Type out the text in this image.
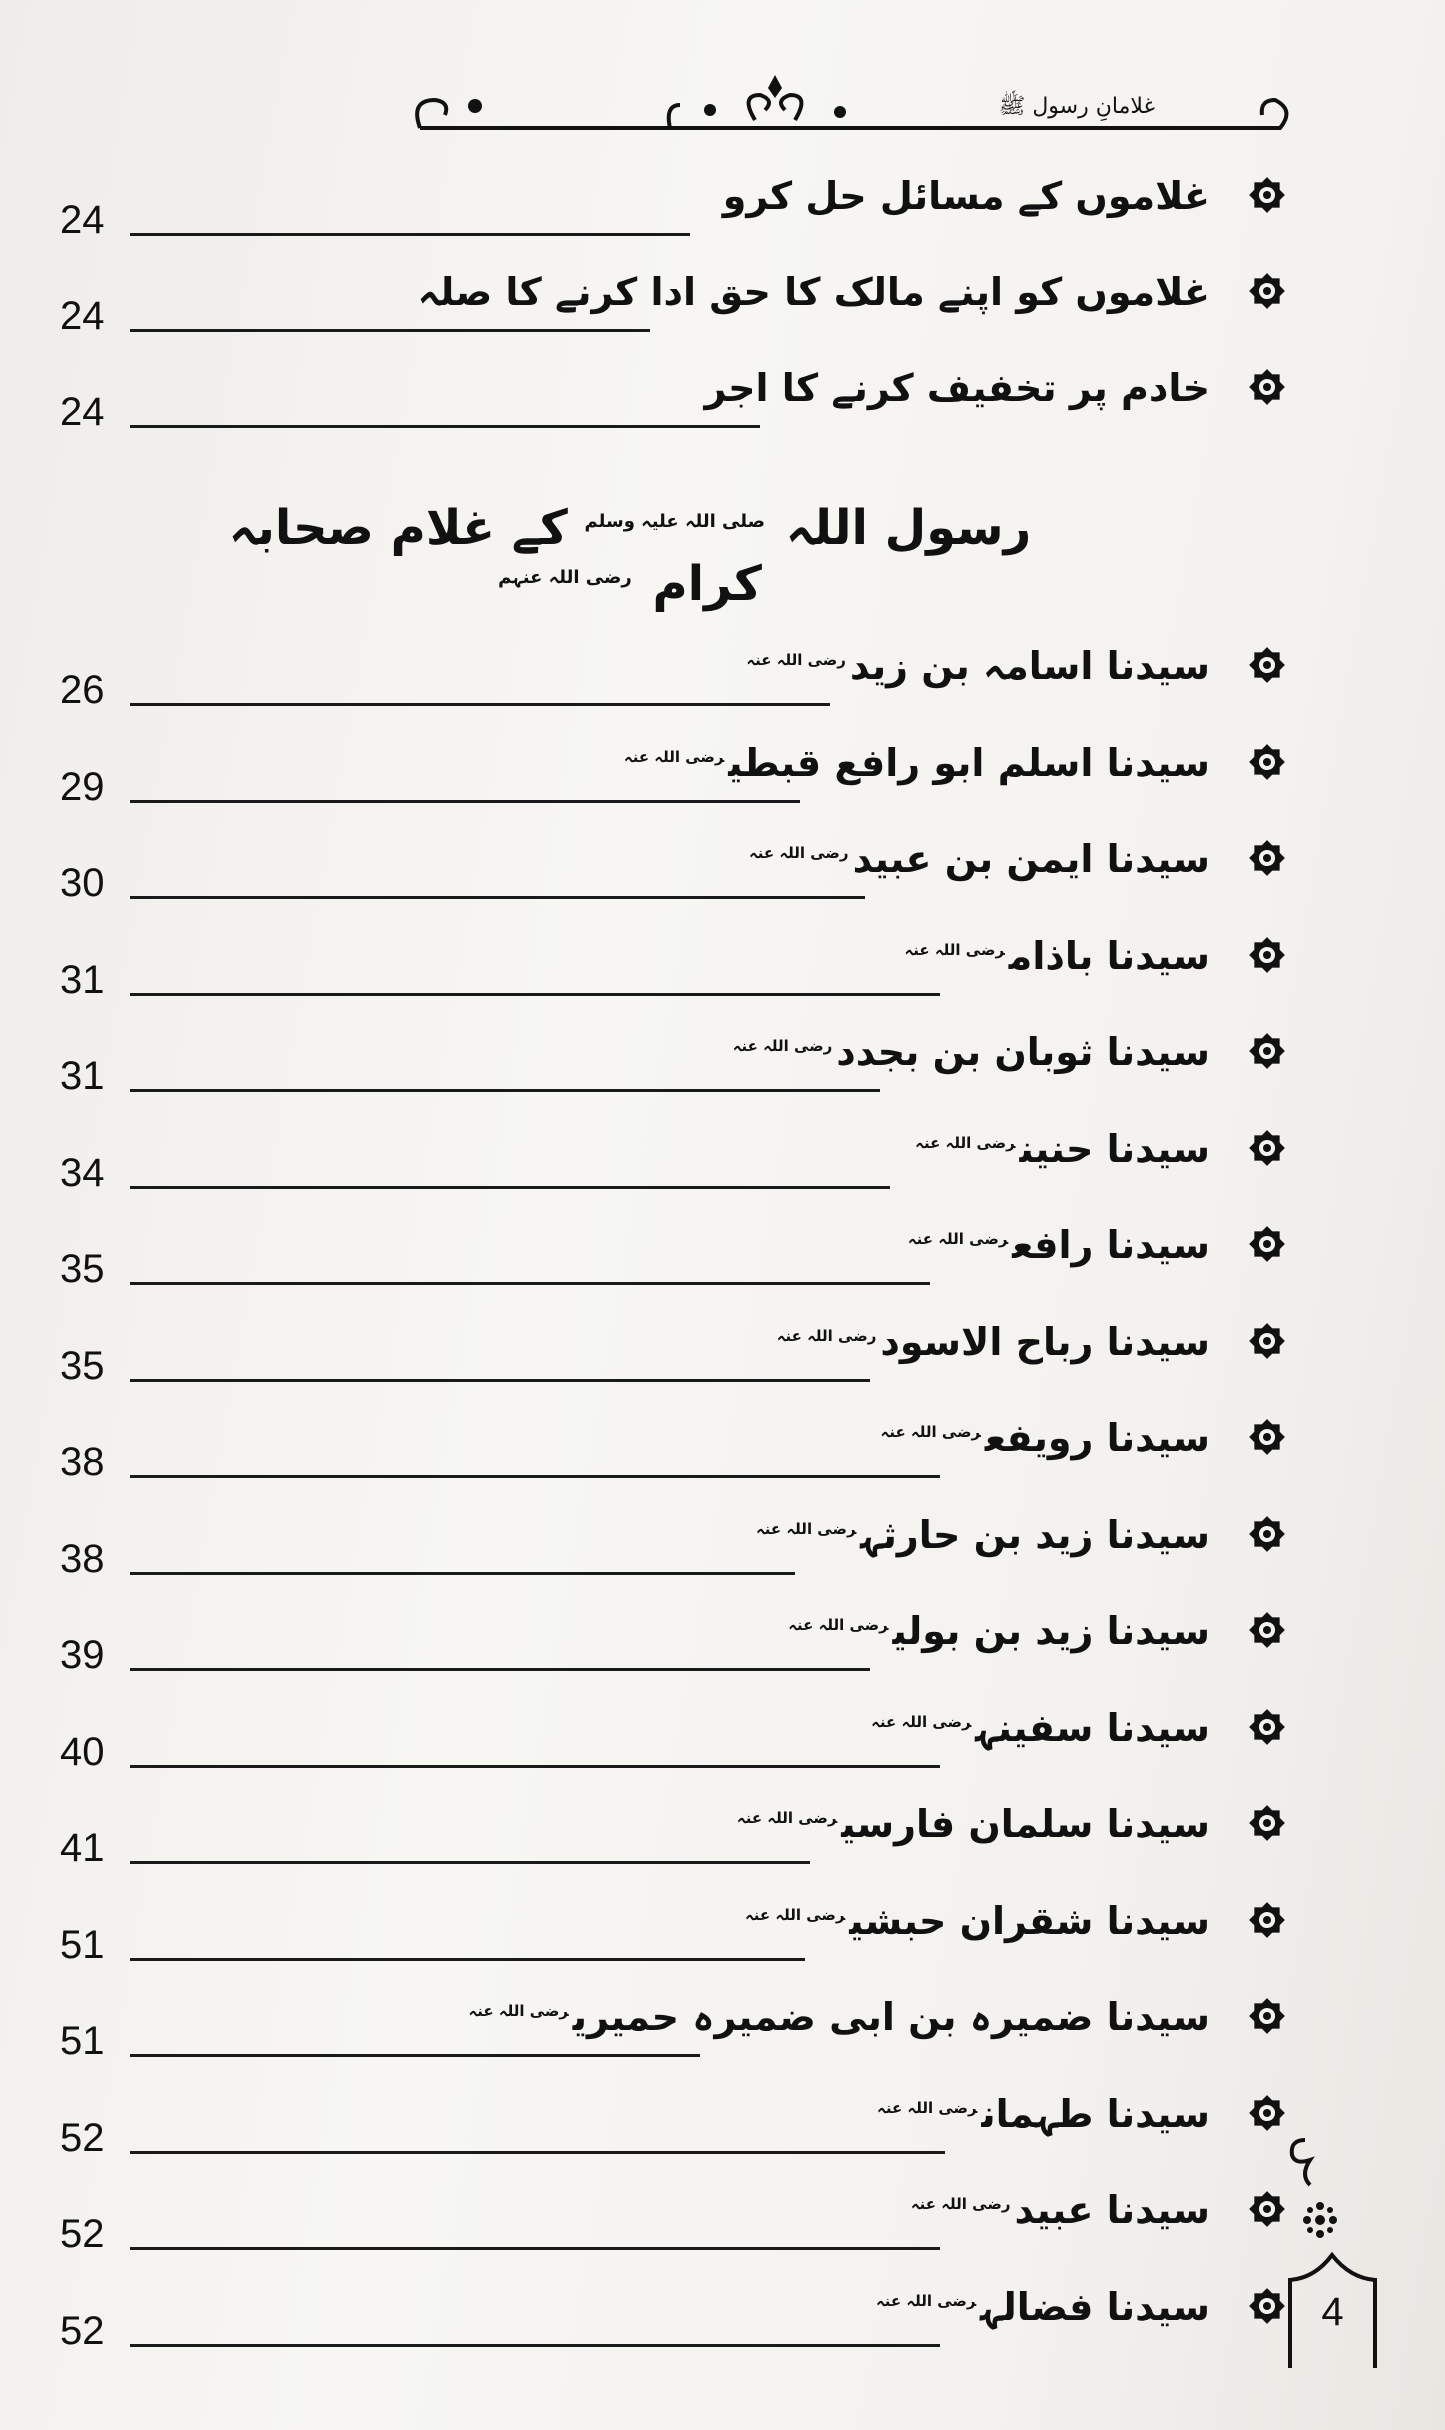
غلامانِ رسول ﷺ
24
غلاموں کے مسائل حل کرو
24
غلاموں کو اپنے مالک کا حق ادا کرنے کا صلہ
24
خادم پر تخفیف کرنے کا اجر
رسول اللہ $^{صلی اللہ علیہ وسلم}$ کے غلام صحابہ کرام $^{رضی اللہ عنہم}$
26
سیدنا اسامہ بن زید$^{رضی اللہ عنہ}$
29
سیدنا اسلم ابو رافع قبطی$^{رضی اللہ عنہ}$
30
سیدنا ایمن بن عبید$^{رضی اللہ عنہ}$
31
سیدنا باذام$^{رضی اللہ عنہ}$
31
سیدنا ثوبان بن بجدد$^{رضی اللہ عنہ}$
34
سیدنا حنین$^{رضی اللہ عنہ}$
35
سیدنا رافع$^{رضی اللہ عنہ}$
35
سیدنا رباح الاسود$^{رضی اللہ عنہ}$
38
سیدنا رویفع$^{رضی اللہ عنہ}$
38
سیدنا زید بن حارثہ$^{رضی اللہ عنہ}$
39
سیدنا زید بن بولی$^{رضی اللہ عنہ}$
40
سیدنا سفینہ$^{رضی اللہ عنہ}$
41
سیدنا سلمان فارسی$^{رضی اللہ عنہ}$
51
سیدنا شقران حبشی$^{رضی اللہ عنہ}$
51
سیدنا ضمیرہ بن ابی ضمیرہ حمیری$^{رضی اللہ عنہ}$
52
سیدنا طہمان$^{رضی اللہ عنہ}$
52
سیدنا عبید$^{رضی اللہ عنہ}$
52
سیدنا فضالہ$^{رضی اللہ عنہ}$	4
